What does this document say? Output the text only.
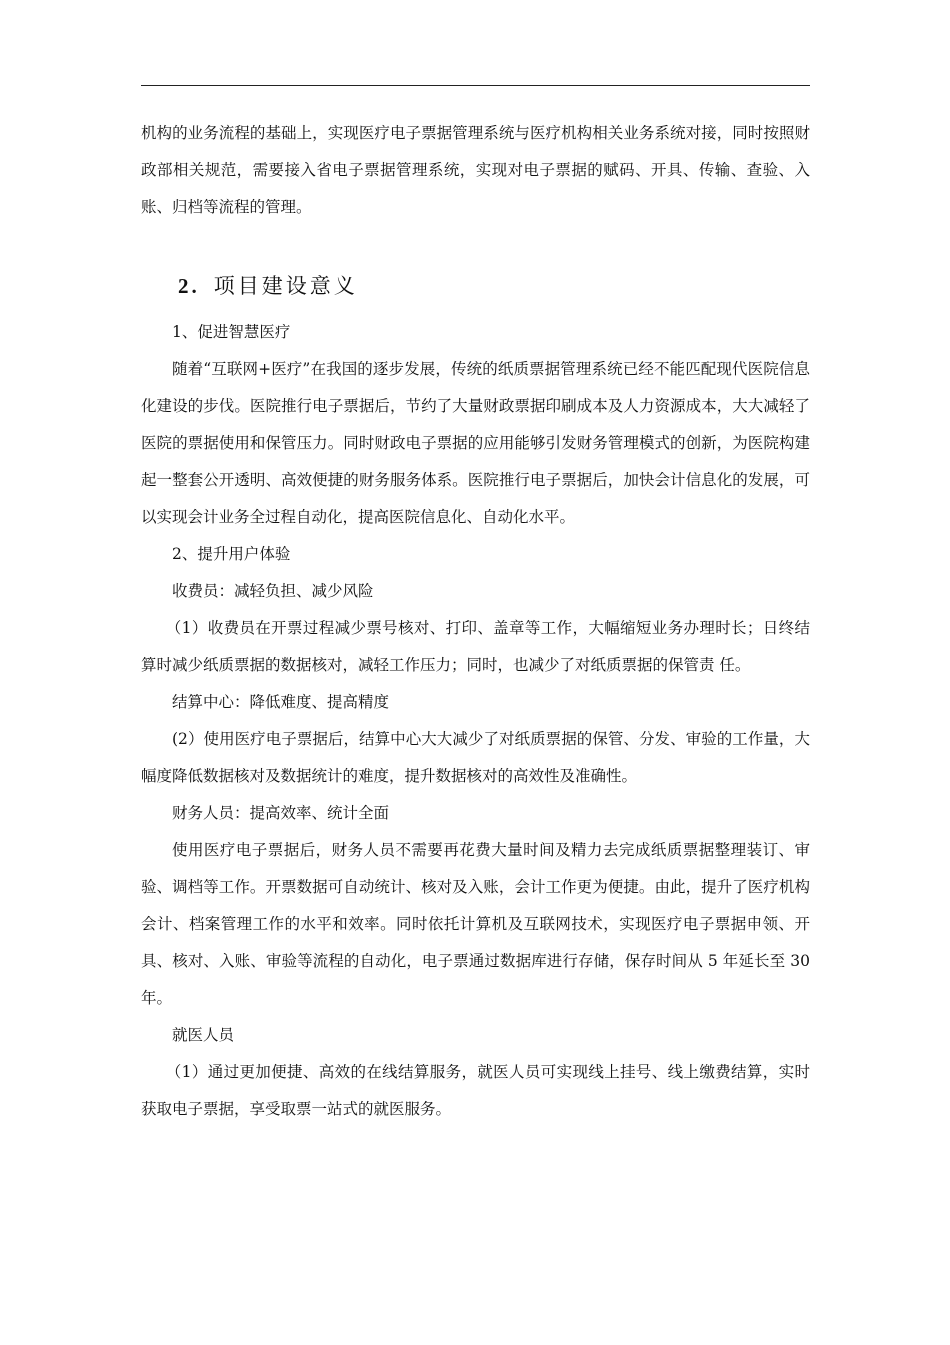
机构的业务流程的基础上，实现医疗电子票据管理系统与医疗机构相关业务系统对接，同时按照财政部相关规范，需要接入省电子票据管理系统，实现对电子票据的赋码、开具、传输、查验、入账、归档等流程的管理。

2. 项目建设意义

1、促进智慧医疗

随着“互联网+医疗”在我国的逐步发展，传统的纸质票据管理系统已经不能匹配现代医院信息化建设的步伐。医院推行电子票据后，节约了大量财政票据印刷成本及人力资源成本，大大减轻了医院的票据使用和保管压力。同时财政电子票据的应用能够引发财务管理模式的创新，为医院构建起一整套公开透明、高效便捷的财务服务体系。医院推行电子票据后，加快会计信息化的发展，可以实现会计业务全过程自动化，提高医院信息化、自动化水平。

2、提升用户体验

收费员：减轻负担、减少风险

（1）收费员在开票过程减少票号核对、打印、盖章等工作，大幅缩短业务办理时长；日终结算时减少纸质票据的数据核对，减轻工作压力；同时，也减少了对纸质票据的保管责 任。

结算中心：降低难度、提高精度

(2）使用医疗电子票据后，结算中心大大减少了对纸质票据的保管、分发、审验的工作量，大幅度降低数据核对及数据统计的难度，提升数据核对的高效性及准确性。

财务人员：提高效率、统计全面

使用医疗电子票据后，财务人员不需要再花费大量时间及精力去完成纸质票据整理装订、审验、调档等工作。开票数据可自动统计、核对及入账，会计工作更为便捷。由此，提升了医疗机构会计、档案管理工作的水平和效率。同时依托计算机及互联网技术，实现医疗电子票据申领、开具、核对、入账、审验等流程的自动化，电子票通过数据库进行存储，保存时间从 5 年延长至 30 年。

就医人员

（1）通过更加便捷、高效的在线结算服务，就医人员可实现线上挂号、线上缴费结算，实时获取电子票据，享受取票一站式的就医服务。
